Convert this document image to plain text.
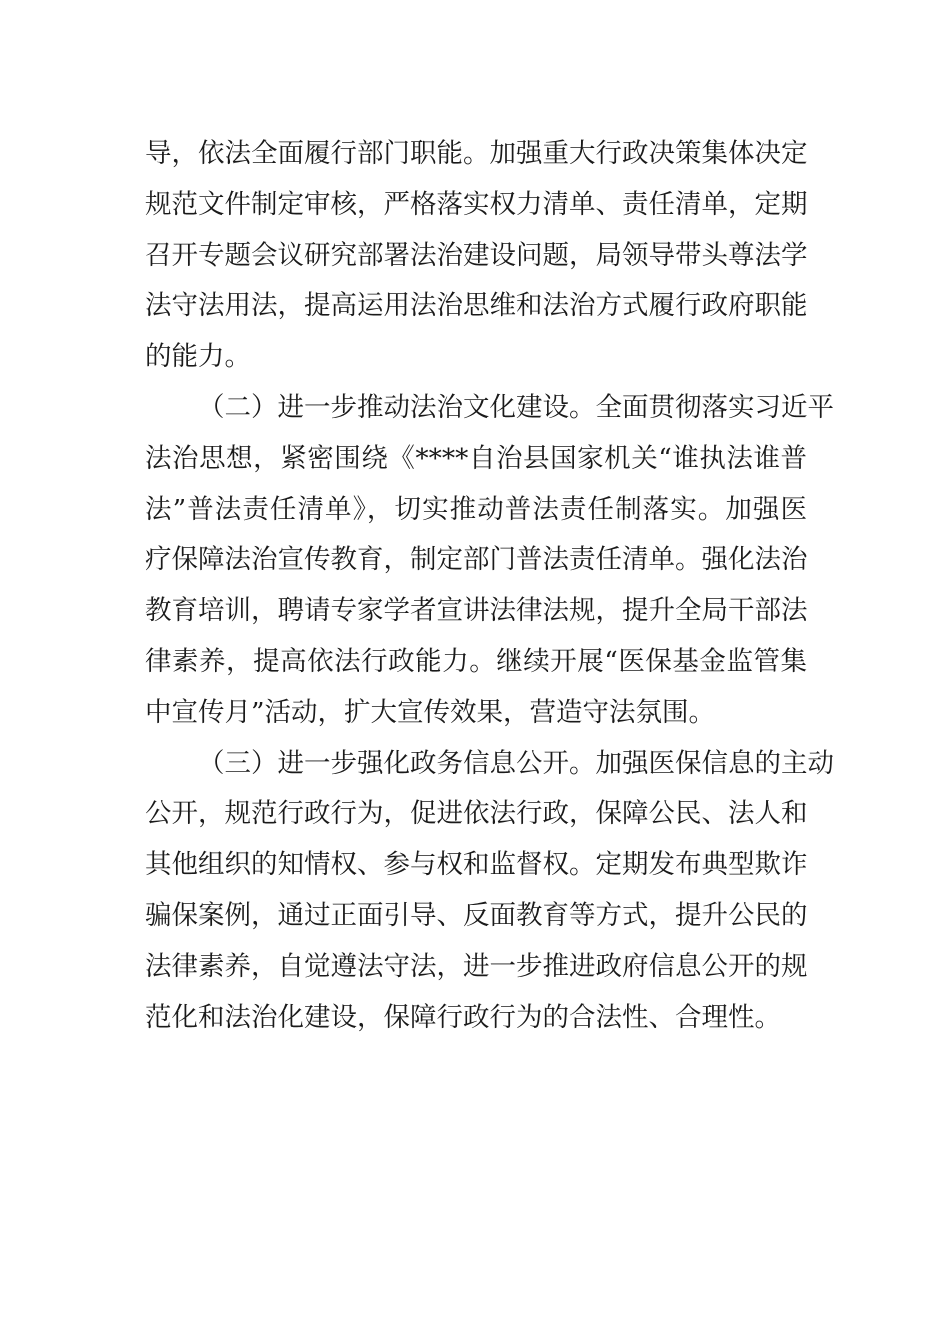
导，依法全面履行部门职能。加强重大行政决策集体决定
规范文件制定审核，严格落实权力清单、责任清单，定期
召开专题会议研究部署法治建设问题，局领导带头尊法学
法守法用法，提高运用法治思维和法治方式履行政府职能
的能力。
（二）进一步推动法治文化建设。全面贯彻落实习近平
法治思想，紧密围绕《****自治县国家机关“谁执法谁普
法”普法责任清单》，切实推动普法责任制落实。加强医
疗保障法治宣传教育，制定部门普法责任清单。强化法治
教育培训，聘请专家学者宣讲法律法规，提升全局干部法
律素养，提高依法行政能力。继续开展“医保基金监管集
中宣传月”活动，扩大宣传效果，营造守法氛围。
（三）进一步强化政务信息公开。加强医保信息的主动
公开，规范行政行为，促进依法行政，保障公民、法人和
其他组织的知情权、参与权和监督权。定期发布典型欺诈
骗保案例，通过正面引导、反面教育等方式，提升公民的
法律素养，自觉遵法守法，进一步推进政府信息公开的规
范化和法治化建设，保障行政行为的合法性、合理性。
